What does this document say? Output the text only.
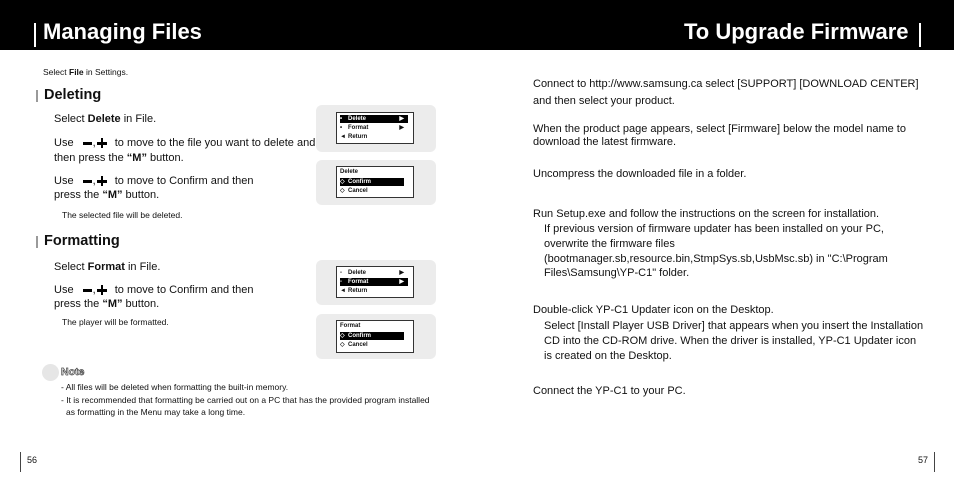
Managing Files	To Upgrade Firmware
Select File in Settings.
Deleting
Select Delete in File.
Use , to move to the file you want to delete and
then press the “M” button.
Use , to move to Confirm and then
press the “M” button.
The selected file will be deleted.
• Delete	▶
• Format	▶
◄ Return
Delete
◇ Confirm
◇ Cancel
Formatting
Select Format in File.
Use , to move to Confirm and then
press the “M” button.
The player will be formatted.
- Delete	▶
- Format	▶
◄ Return
Format
◇ Confirm
◇ Cancel
Note
- All files will be deleted when formatting the built-in memory.
- It is recommended that formatting be carried out on a PC that has the provided program installed
as formatting in the Menu may take a long time.
56
Connect to http://www.samsung.ca select [SUPPORT] [DOWNLOAD CENTER]
and then select your product.
When the product page appears, select [Firmware] below the model name to
download the latest firmware.
Uncompress the downloaded file in a folder.
Run Setup.exe and follow the instructions on the screen for installation.
If previous version of firmware updater has been installed on your PC,
overwrite the firmware files
(bootmanager.sb,resource.bin,StmpSys.sb,UsbMsc.sb) in "C:\Program
Files\Samsung\YP-C1" folder.
Double-click YP-C1 Updater icon on the Desktop.
Select [Install Player USB Driver] that appears when you insert the Installation
CD into the CD-ROM drive. When the driver is installed, YP-C1 Updater icon
is created on the Desktop.
Connect the YP-C1 to your PC.
57
